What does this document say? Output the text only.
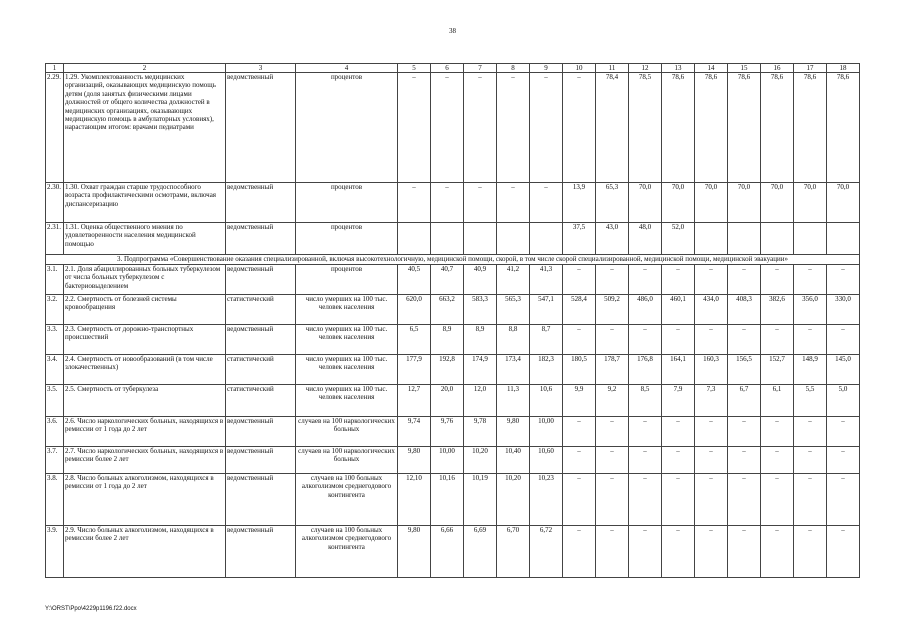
38
1	2	3	4	5	6	7	8	9	10	11	12	13	14	15	16	17	18
2.29.	1.29. Укомплектованность медицинских организаций, оказывающих медицинскую помощь детям (доля занятых физическими лицами должностей от общего количества должностей в медицинских организациях, оказывающих медицинскую помощь в амбулаторных условиях), нарастающим итогом: врачами педиатрами	ведомственный	процентов	–	–	–	–	–	–	78,4	78,5	78,6	78,6	78,6	78,6	78,6	78,6
2.30.	1.30. Охват граждан старше трудоспособного возраста профилактическими осмотрами, включая диспансеризацию	ведомственный	процентов	–	–	–	–	–	13,9	65,3	70,0	70,0	70,0	70,0	70,0	70,0	70,0
2.31.	1.31. Оценка общественного мнения по удовлетворенности населения медицинской помощью	ведомственный	процентов						37,5	43,0	48,0	52,0					
3. Подпрограмма «Совершенствование оказания специализированной, включая высокотехнологичную, медицинской помощи, скорой, в том числе скорой специализированной, медицинской помощи, медицинской эвакуации»																	
3.1.	2.1. Доля абациллированных больных туберкулезом от числа больных туберкулезом с бактериовыделением	ведомственный	процентов	40,5	40,7	40,9	41,2	41,3	–	–	–	–	–	–	–	–	–
3.2.	2.2. Смертность от болезней системы кровообращения	статистический	число умерших на 100 тыс. человек населения	620,0	663,2	583,3	565,3	547,1	528,4	509,2	486,0	460,1	434,0	408,3	382,6	356,0	330,0
3.3.	2.3. Смертность от дорожно-транспортных происшествий	ведомственный	число умерших на 100 тыс. человек населения	6,5	8,9	8,9	8,8	8,7	–	–	–	–	–	–	–	–	–
3.4.	2.4. Смертность от новообразований (в том числе злокачественных)	статистический	число умерших на 100 тыс. человек населения	177,9	192,8	174,9	173,4	182,3	180,5	178,7	176,8	164,1	160,3	156,5	152,7	148,9	145,0
3.5.	2.5. Смертность от туберкулеза	статистический	число умерших на 100 тыс. человек населения	12,7	20,0	12,0	11,3	10,6	9,9	9,2	8,5	7,9	7,3	6,7	6,1	5,5	5,0
3.6.	2.6. Число наркологических больных, находящихся в ремиссии от 1 года до 2 лет	ведомственный	случаев на 100 наркологических больных	9,74	9,76	9,78	9,80	10,00	–	–	–	–	–	–	–	–	–
3.7.	2.7. Число наркологических больных, находящихся в ремиссии более 2 лет	ведомственный	случаев на 100 наркологических больных	9,80	10,00	10,20	10,40	10,60	–	–	–	–	–	–	–	–	–
3.8.	2.8. Число больных алкоголизмом, находящихся в ремиссии от 1 года до 2 лет	ведомственный	случаев на 100 больных алкоголизмом среднегодового контингента	12,10	10,16	10,19	10,20	10,23	–	–	–	–	–	–	–	–	–
3.9.	2.9. Число больных алкоголизмом, находящихся в ремиссии более 2 лет	ведомственный	случаев на 100 больных алкоголизмом среднегодового контингента	9,80	6,66	6,69	6,70	6,72	–	–	–	–	–	–	–	–	–
Y:\ORST\Ppo\4229p1196.f22.docx
